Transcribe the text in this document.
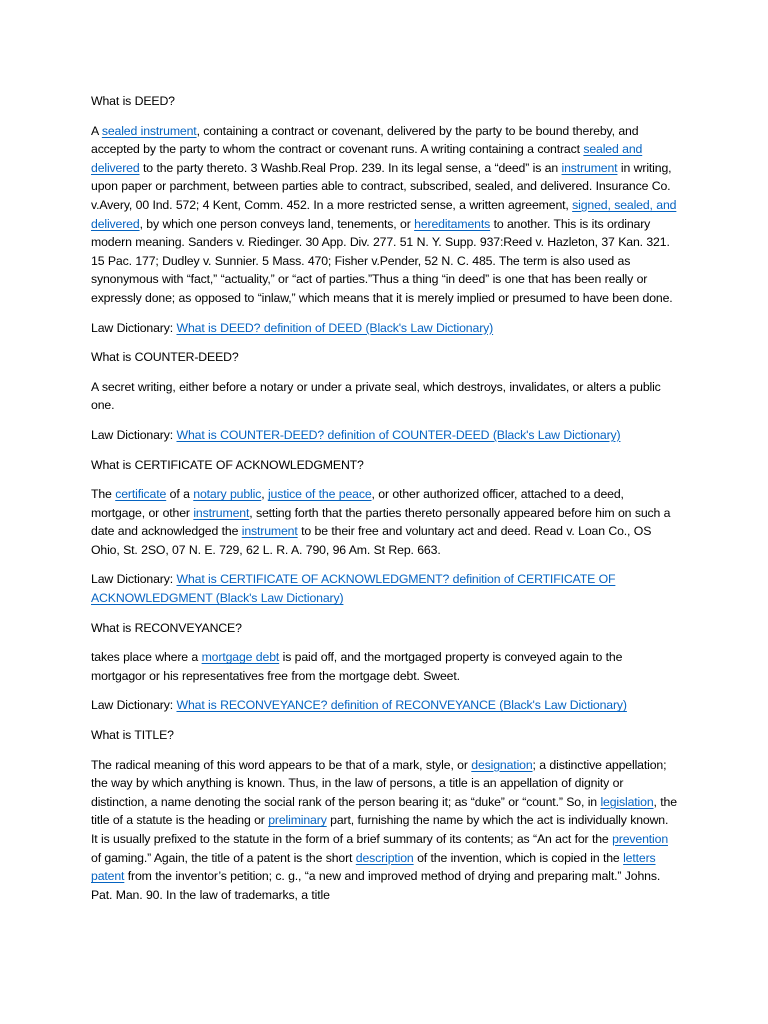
What is DEED?
A sealed instrument, containing a contract or covenant, delivered by the party to be bound thereby, and accepted by the party to whom the contract or covenant runs. A writing containing a contract sealed and delivered to the party thereto. 3 Washb.Real Prop. 239. In its legal sense, a “deed” is an instrument in writing, upon paper or parchment, between parties able to contract, subscribed, sealed, and delivered. Insurance Co. v.Avery, 00 Ind. 572; 4 Kent, Comm. 452. In a more restricted sense, a written agreement, signed, sealed, and delivered, by which one person conveys land, tenements, or hereditaments to another. This is its ordinary modern meaning. Sanders v. Riedinger. 30 App. Div. 277. 51 N. Y. Supp. 937:Reed v. Hazleton, 37 Kan. 321. 15 Pac. 177; Dudley v. Sunnier. 5 Mass. 470; Fisher v.Pender, 52 N. C. 485. The term is also used as synonymous with “fact,” “actuality,” or “act of parties.”Thus a thing “in deed” is one that has been really or expressly done; as opposed to “inlaw,” which means that it is merely implied or presumed to have been done.
Law Dictionary: What is DEED? definition of DEED (Black's Law Dictionary)
What is COUNTER-DEED?
A secret writing, either before a notary or under a private seal, which destroys, invalidates, or alters a public one.
Law Dictionary: What is COUNTER-DEED? definition of COUNTER-DEED (Black's Law Dictionary)
What is CERTIFICATE OF ACKNOWLEDGMENT?
The certificate of a notary public, justice of the peace, or other authorized officer, attached to a deed, mortgage, or other instrument, setting forth that the parties thereto personally appeared before him on such a date and acknowledged the instrument to be their free and voluntary act and deed. Read v. Loan Co., OS Ohio, St. 2SO, 07 N. E. 729, 62 L. R. A. 790, 96 Am. St Rep. 663.
Law Dictionary: What is CERTIFICATE OF ACKNOWLEDGMENT? definition of CERTIFICATE OF ACKNOWLEDGMENT (Black's Law Dictionary)
What is RECONVEYANCE?
takes place where a mortgage debt is paid off, and the mortgaged property is conveyed again to the mortgagor or his representatives free from the mortgage debt. Sweet.
Law Dictionary: What is RECONVEYANCE? definition of RECONVEYANCE (Black's Law Dictionary)
What is TITLE?
The radical meaning of this word appears to be that of a mark, style, or designation; a distinctive appellation; the way by which anything is known. Thus, in the law of persons, a title is an appellation of dignity or distinction, a name denoting the social rank of the person bearing it; as “duke” or “count.” So, in legislation, the title of a statute is the heading or preliminary part, furnishing the name by which the act is individually known. It is usually prefixed to the statute in the form of a brief summary of its contents; as “An act for the prevention of gaming.” Again, the title of a patent is the short description of the invention, which is copied in the letters patent from the inventor’s petition; c. g., “a new and improved method of drying and preparing malt.” Johns. Pat. Man. 90. In the law of trademarks, a title
